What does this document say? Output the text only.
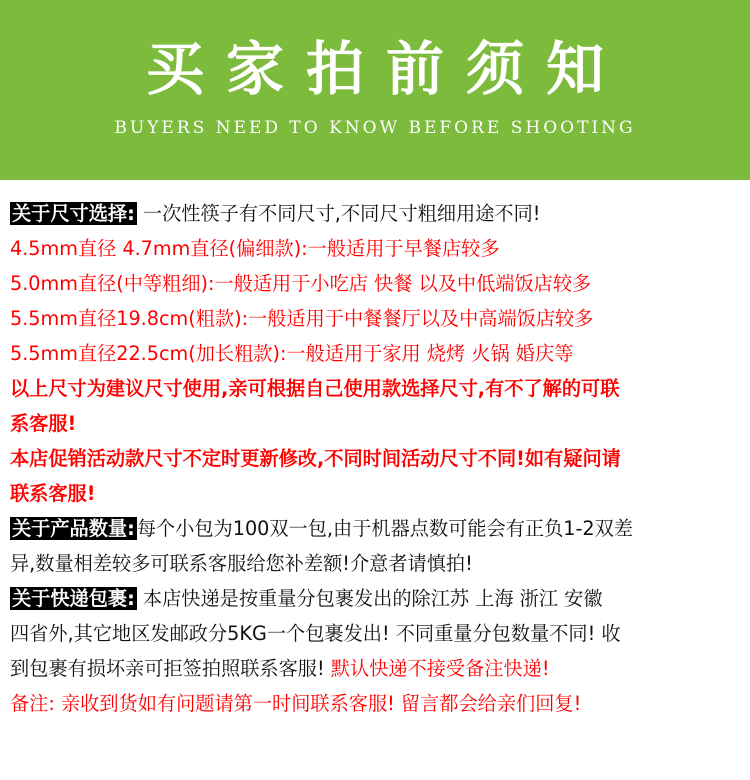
买家拍前须知
BUYERS NEED TO KNOW BEFORE SHOOTING
关于尺寸选择: 一次性筷子有不同尺寸,不同尺寸粗细用途不同!
4.5mm直径 4.7mm直径(偏细款):一般适用于早餐店较多
5.0mm直径(中等粗细):一般适用于小吃店 快餐 以及中低端饭店较多
5.5mm直径19.8cm(粗款):一般适用于中餐餐厅以及中高端饭店较多
5.5mm直径22.5cm(加长粗款):一般适用于家用 烧烤 火锅 婚庆等
以上尺寸为建议尺寸使用,亲可根据自己使用款选择尺寸,有不了解的可联
系客服!
本店促销活动款尺寸不定时更新修改,不同时间活动尺寸不同!如有疑问请
联系客服!
关于产品数量: 每个小包为100双一包,由于机器点数可能会有正负1-2双差
异,数量相差较多可联系客服给您补差额!介意者请慎拍!
关于快递包裹: 本店快递是按重量分包裹发出的除江苏 上海 浙江 安徽
四省外,其它地区发邮政分5KG一个包裹发出! 不同重量分包数量不同! 收
到包裹有损坏亲可拒签拍照联系客服! 默认快递不接受备注快递!
备注: 亲收到货如有问题请第一时间联系客服! 留言都会给亲们回复!
